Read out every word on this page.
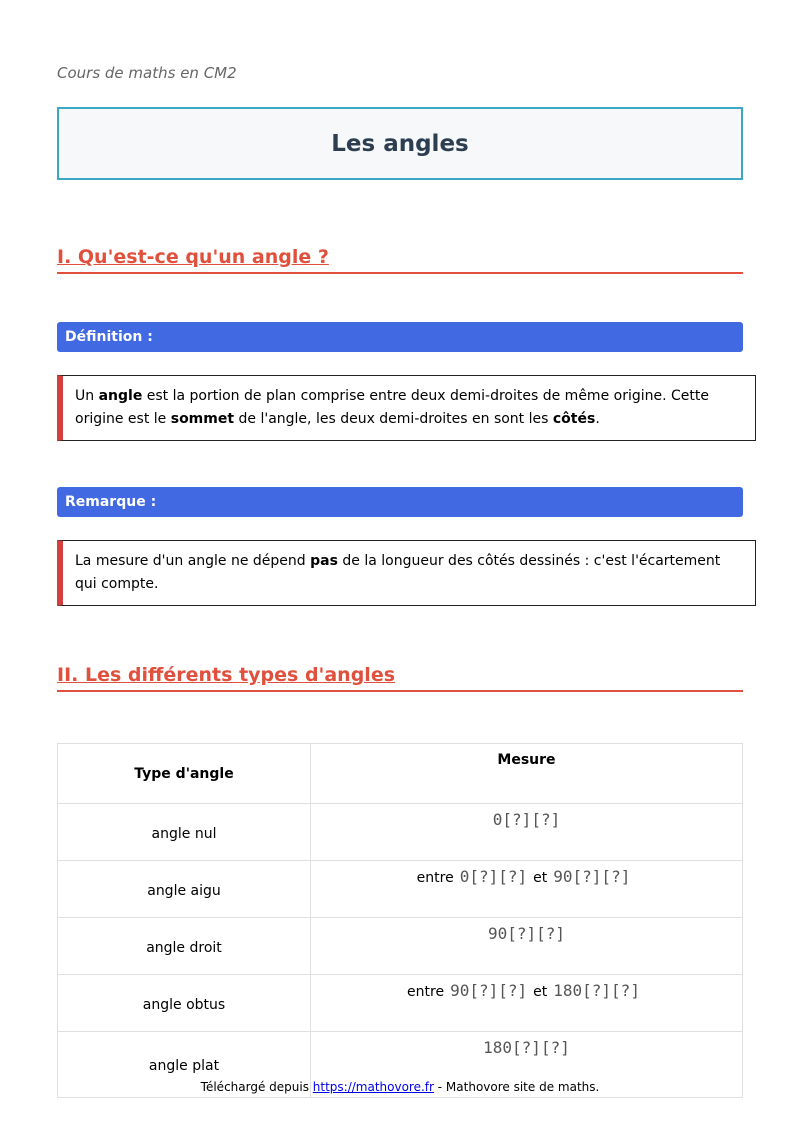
Cours de maths en CM2
Les angles
I. Qu'est-ce qu'un angle ?
Définition :
Un angle est la portion de plan comprise entre deux demi-droites de même origine. Cette origine est le sommet de l'angle, les deux demi-droites en sont les côtés.
Remarque :
La mesure d'un angle ne dépend pas de la longueur des côtés dessinés : c'est l'écartement qui compte.
II. Les différents types d'angles
Type d'angle	Mesure
angle nul	0[?][?]
angle aigu	entre 0[?][?] et 90[?][?]
angle droit	90[?][?]
angle obtus	entre 90[?][?] et 180[?][?]
angle plat	180[?][?]
Téléchargé depuis https://mathovore.fr - Mathovore site de maths.
